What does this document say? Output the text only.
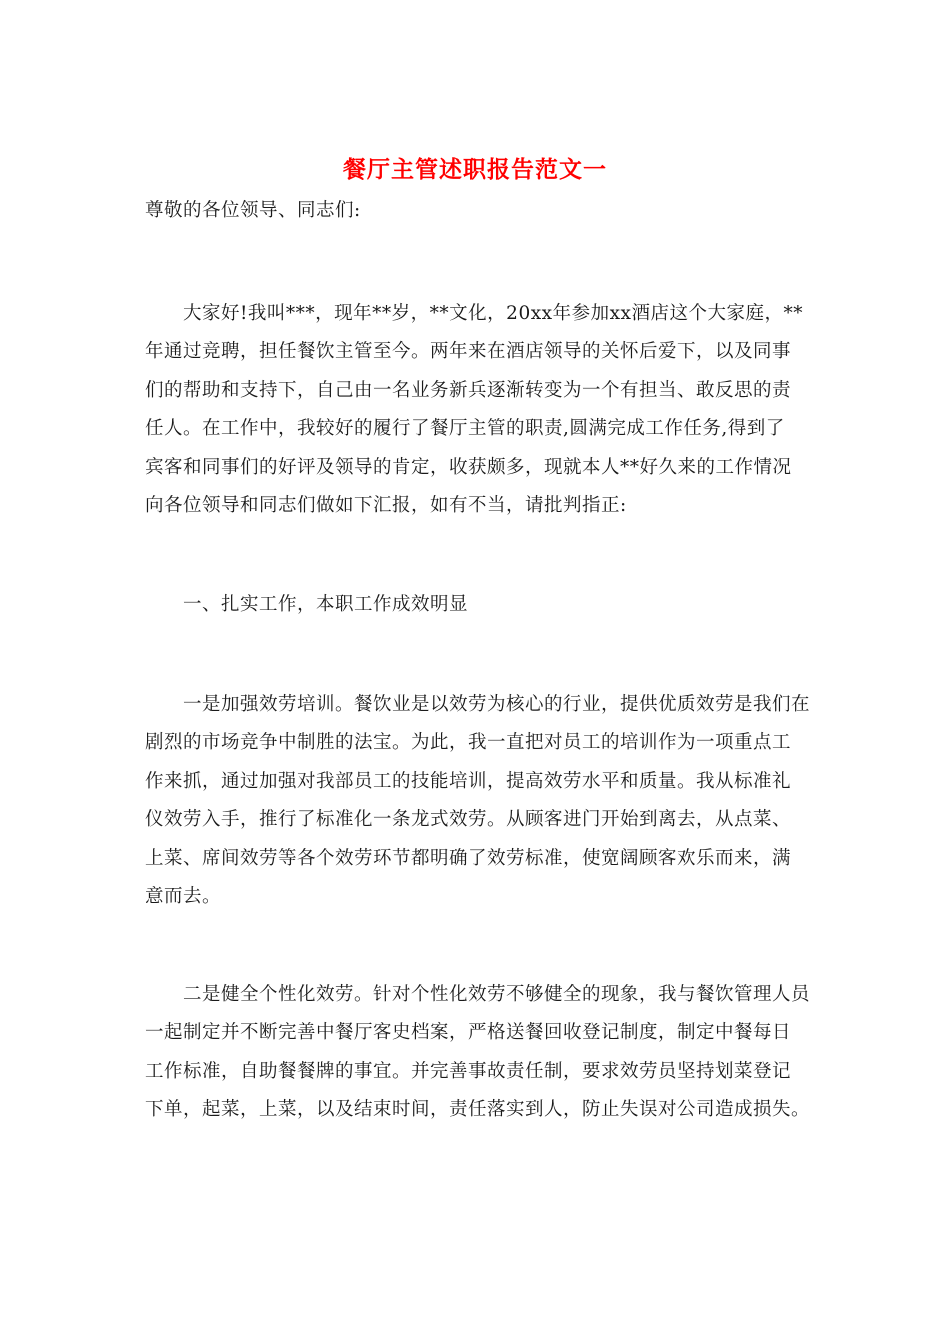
餐厅主管述职报告范文一
尊敬的各位领导、同志们:
　　大家好!我叫***，现年**岁，**文化，20xx年参加xx酒店这个大家庭，**
年通过竞聘，担任餐饮主管至今。两年来在酒店领导的关怀后爱下，以及同事
们的帮助和支持下，自己由一名业务新兵逐渐转变为一个有担当、敢反思的责
任人。在工作中，我较好的履行了餐厅主管的职责,圆满完成工作任务,得到了
宾客和同事们的好评及领导的肯定，收获颇多，现就本人**好久来的工作情况
向各位领导和同志们做如下汇报，如有不当，请批判指正:
　　一、扎实工作，本职工作成效明显
　　一是加强效劳培训。餐饮业是以效劳为核心的行业，提供优质效劳是我们在
剧烈的市场竞争中制胜的法宝。为此，我一直把对员工的培训作为一项重点工
作来抓，通过加强对我部员工的技能培训，提高效劳水平和质量。我从标准礼
仪效劳入手，推行了标准化一条龙式效劳。从顾客进门开始到离去，从点菜、
上菜、席间效劳等各个效劳环节都明确了效劳标准，使宽阔顾客欢乐而来，满
意而去。
　　二是健全个性化效劳。针对个性化效劳不够健全的现象，我与餐饮管理人员
一起制定并不断完善中餐厅客史档案，严格送餐回收登记制度，制定中餐每日
工作标准，自助餐餐牌的事宜。并完善事故责任制，要求效劳员坚持划菜登记
下单，起菜，上菜，以及结束时间，责任落实到人，防止失误对公司造成损失。
